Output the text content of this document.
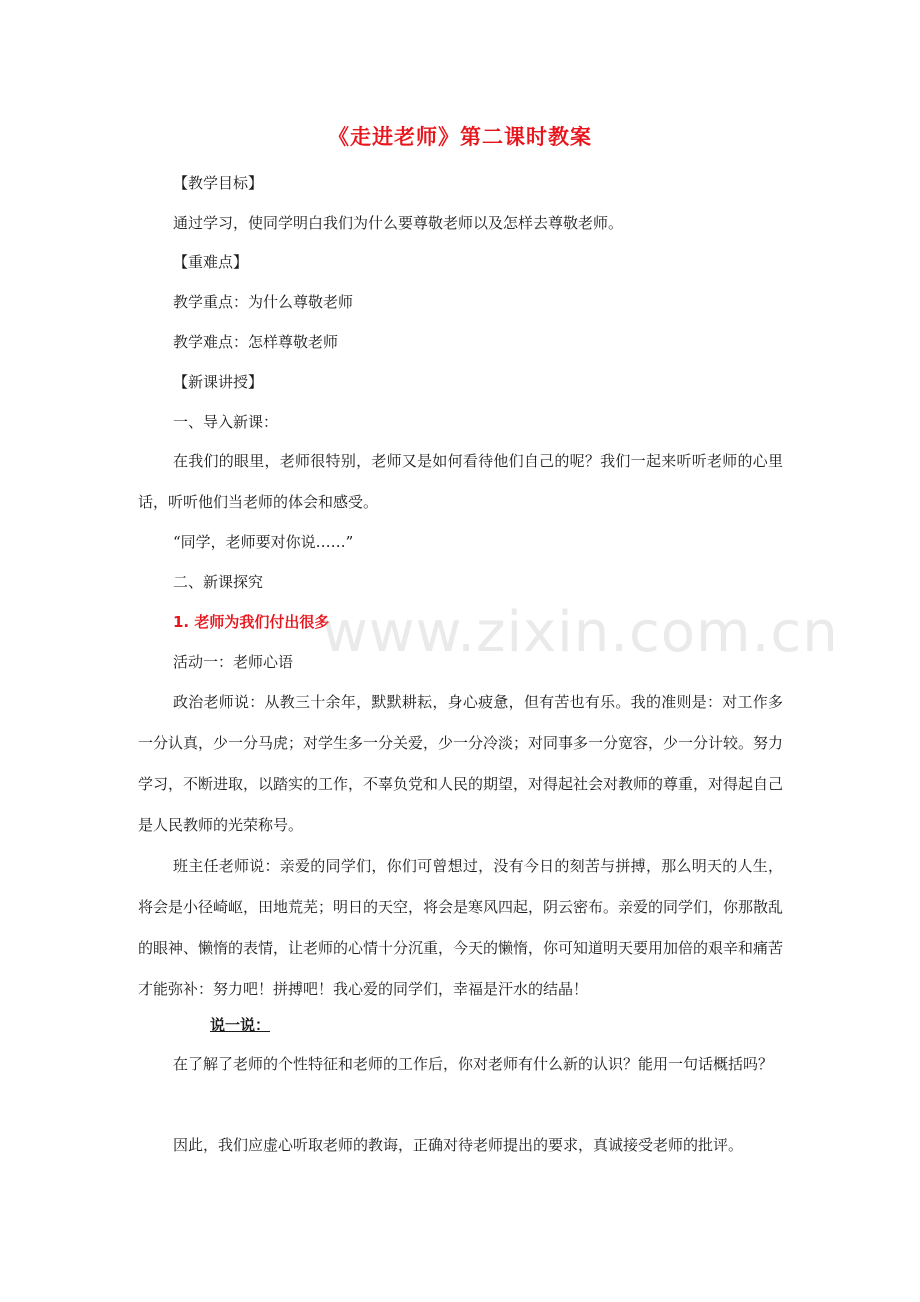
《走进老师》第二课时教案
【教学目标】
通过学习，使同学明白我们为什么要尊敬老师以及怎样去尊敬老师。
【重难点】
教学重点：为什么尊敬老师
教学难点：怎样尊敬老师
【新课讲授】
一、导入新课：
在我们的眼里，老师很特别，老师又是如何看待他们自己的呢？我们一起来听听老师的心里话，听听他们当老师的体会和感受。
“同学，老师要对你说……”
二、新课探究
1. 老师为我们付出很多
活动一：老师心语
政治老师说：从教三十余年，默默耕耘，身心疲惫，但有苦也有乐。我的准则是：对工作多一分认真，少一分马虎；对学生多一分关爱，少一分冷淡；对同事多一分宽容，少一分计较。努力学习，不断进取，以踏实的工作，不辜负党和人民的期望，对得起社会对教师的尊重，对得起自己是人民教师的光荣称号。
班主任老师说：亲爱的同学们，你们可曾想过，没有今日的刻苦与拼搏，那么明天的人生，将会是小径崎岖，田地荒芜；明日的天空，将会是寒风四起，阴云密布。亲爱的同学们，你那散乱的眼神、懒惰的表情，让老师的心情十分沉重，今天的懒惰，你可知道明天要用加倍的艰辛和痛苦才能弥补：努力吧！拼搏吧！我心爱的同学们，幸福是汗水的结晶！
说一说：
在了解了老师的个性特征和老师的工作后，你对老师有什么新的认识？能用一句话概括吗？
因此，我们应虚心听取老师的教诲，正确对待老师提出的要求，真诚接受老师的批评。
www.zixin.com.cn
